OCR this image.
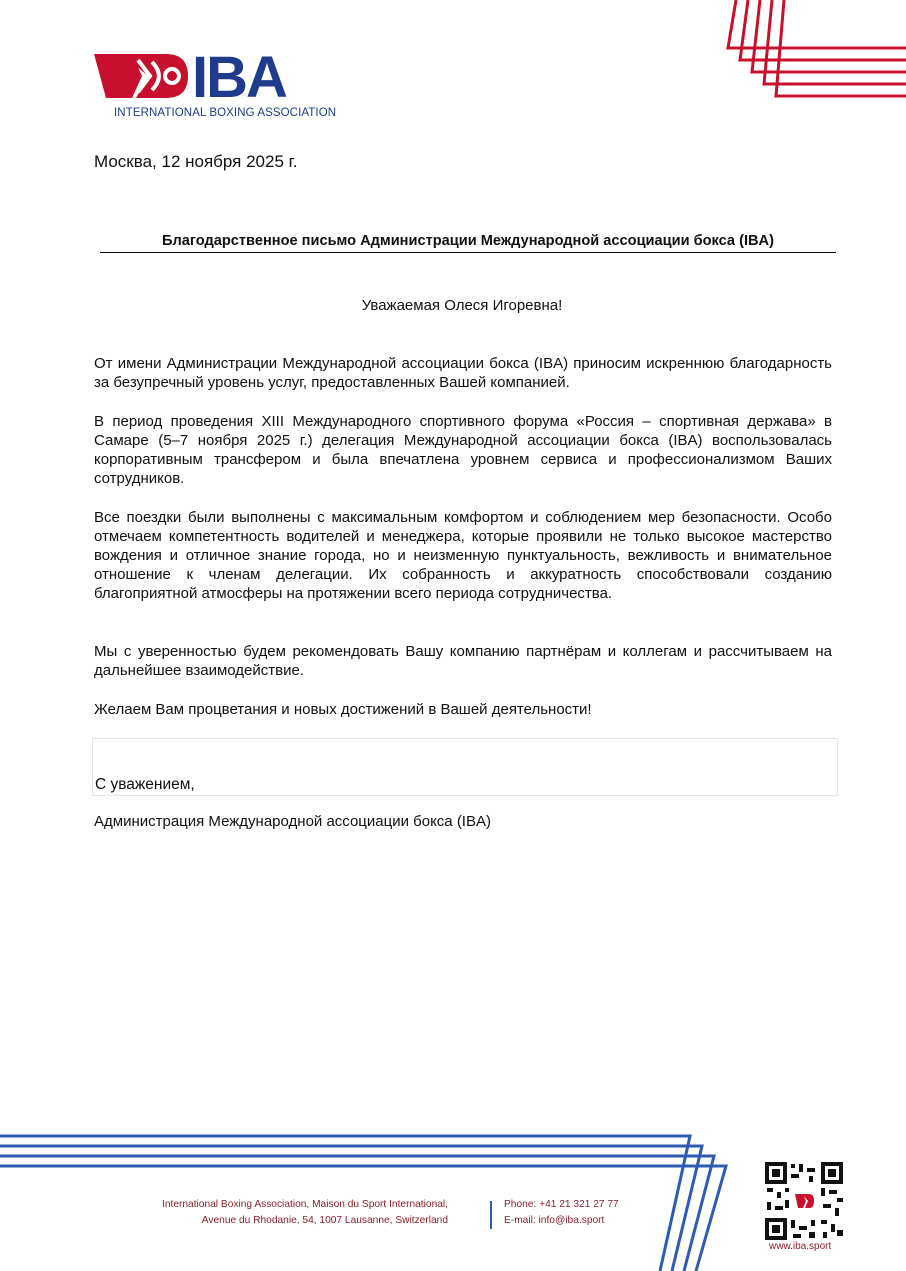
IBA
INTERNATIONAL BOXING ASSOCIATION
Москва, 12 ноября 2025 г.
Благодарственное письмо Администрации Международной ассоциации бокса (IBA)
Уважаемая Олеся Игоревна!
От имени Администрации Международной ассоциации бокса (IBA) приносим искреннюю благодарность за безупречный уровень услуг, предоставленных Вашей компанией.
В период проведения XIII Международного спортивного форума «Россия – спортивная держава» в Самаре (5–7 ноября 2025 г.) делегация Международной ассоциации бокса (IBA) воспользовалась корпоративным трансфером и была впечатлена уровнем сервиса и профессионализмом Ваших сотрудников.
Все поездки были выполнены с максимальным комфортом и соблюдением мер безопасности. Особо отмечаем компетентность водителей и менеджера, которые проявили не только высокое мастерство вождения и отличное знание города, но и неизменную пунктуальность, вежливость и внимательное отношение к членам делегации. Их собранность и аккуратность способствовали созданию благоприятной атмосферы на протяжении всего периода сотрудничества.
Мы с уверенностью будем рекомендовать Вашу компанию партнёрам и коллегам и рассчитываем на дальнейшее взаимодействие.
Желаем Вам процветания и новых достижений в Вашей деятельности!
С уважением,
Администрация Международной ассоциации бокса (IBA)
International Boxing Association, Maison du Sport International,
Avenue du Rhodanie, 54, 1007 Lausanne, Switzerland
Phone: +41 21 321 27 77
E-mail: info@iba.sport
www.iba.sport
